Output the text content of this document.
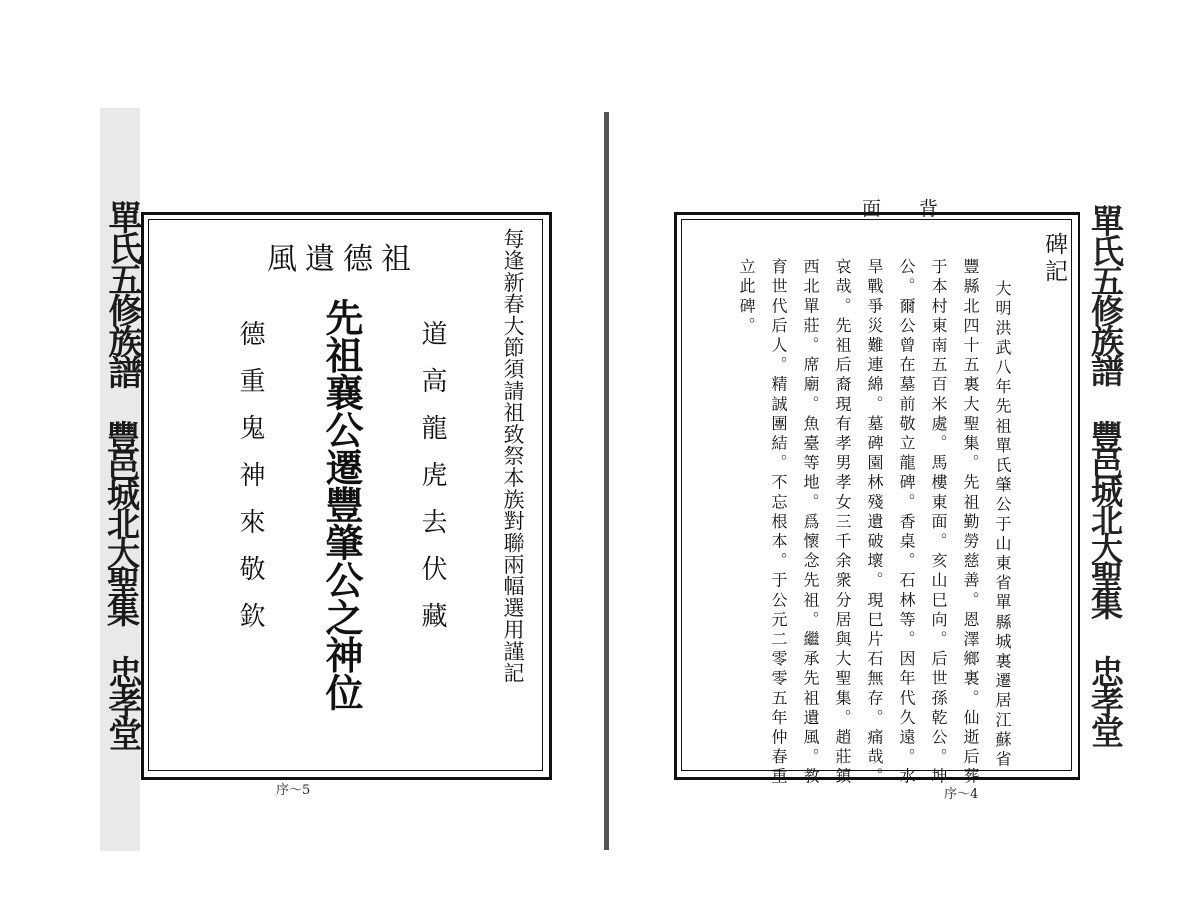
單氏五修族譜
豐邑城北大聖集
忠孝堂
每逢新春大節須請祖致祭本族對聯兩幅選用謹記
道高龍虎去伏藏
先祖襄公遷豐肇公之神位
德重鬼神來敬欽
祖德遺風
序～5
背 面
碑記
大明洪武八年先祖單氏肇公于山東省單縣城裏遷居江蘇省
豐縣北四十五裏大聖集。先祖勤勞慈善。恩澤鄉裏。仙逝后葬
于本村東南五百米處。馬樓東面。亥山巳向。后世孫乾公。坤
公。爾公曾在墓前敬立龍碑。香桌。石林等。因年代久遠。水
旱戰爭災難連綿。墓碑園林殘遺破壞。現巳片石無存。痛哉。
哀哉。先祖后裔現有孝男孝女三千余衆分居與大聖集。趙莊鎮
西北單莊。席廟。魚臺等地。爲懷念先祖。繼承先祖遺風。教
育世代后人。精誠團結。不忘根本。于公元二零零五年仲春重
立此碑。
序～4
單氏五修族譜
豐邑城北大聖集
忠孝堂
